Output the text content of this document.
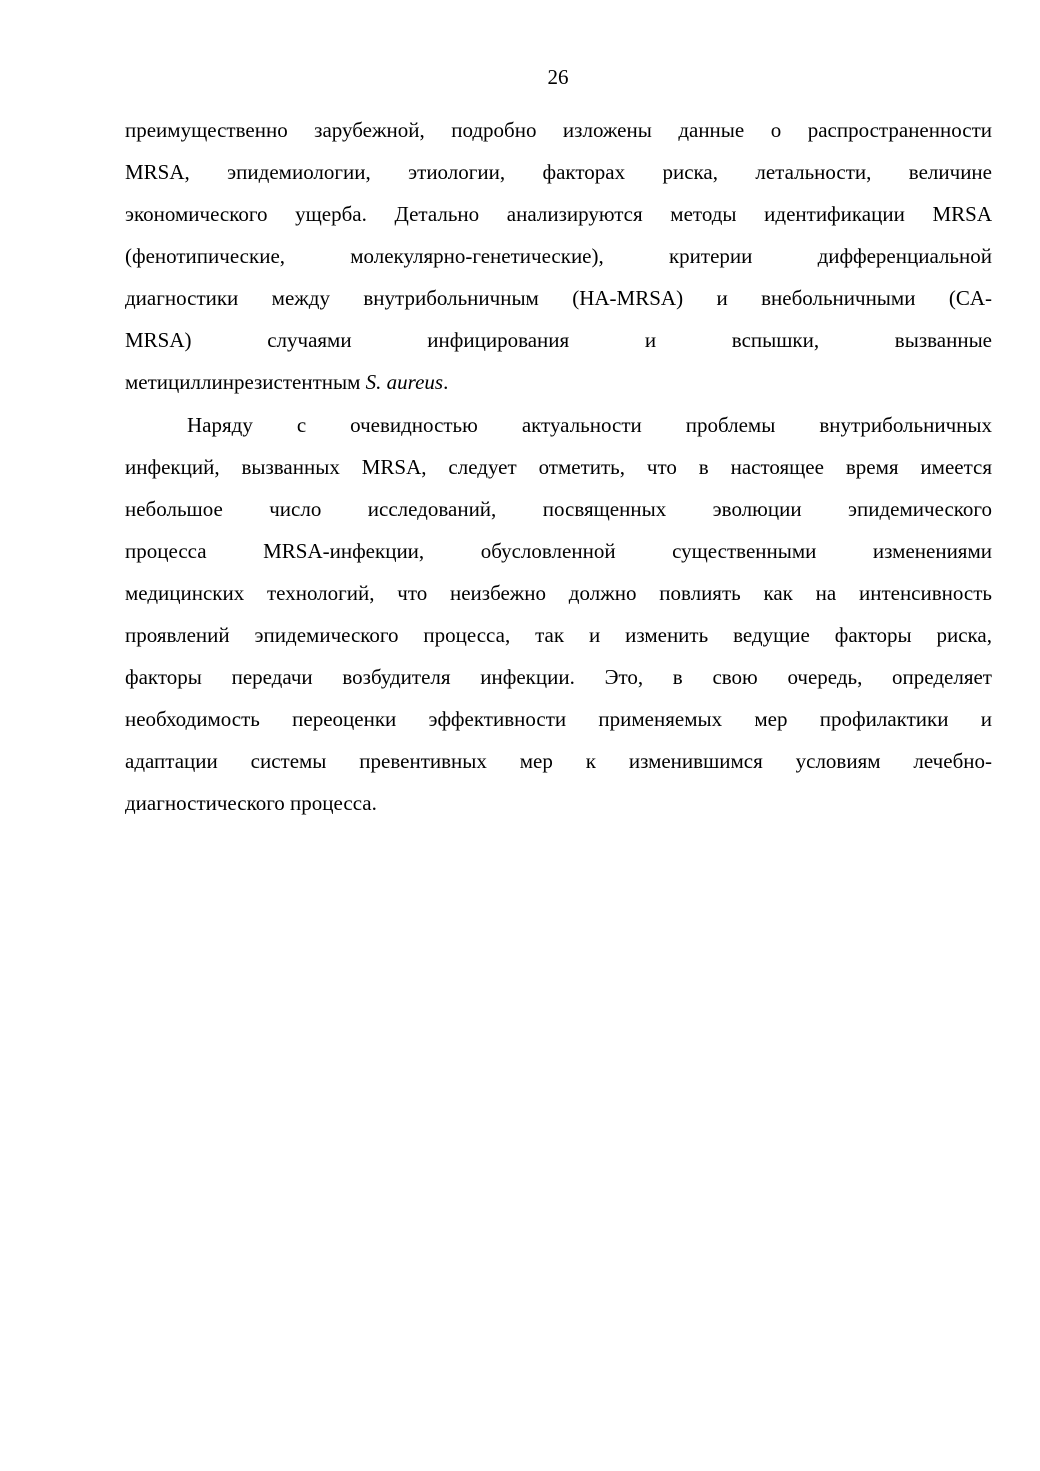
26
преимущественно зарубежной, подробно изложены данные о распространенности
MRSA, эпидемиологии, этиологии, факторах риска, летальности, величине
экономического ущерба. Детально анализируются методы идентификации MRSA
(фенотипические, молекулярно-генетические), критерии дифференциальной
диагностики между внутрибольничным (HA-MRSA) и внебольничными (CA-
MRSA) случаями инфицирования и вспышки, вызванные
метициллинрезистентным S. aureus.
Наряду с очевидностью актуальности проблемы внутрибольничных
инфекций, вызванных MRSA, следует отметить, что в настоящее время имеется
небольшое число исследований, посвященных эволюции эпидемического
процесса MRSA-инфекции, обусловленной существенными изменениями
медицинских технологий, что неизбежно должно повлиять как на интенсивность
проявлений эпидемического процесса, так и изменить ведущие факторы риска,
факторы передачи возбудителя инфекции. Это, в свою очередь, определяет
необходимость переоценки эффективности применяемых мер профилактики и
адаптации системы превентивных мер к изменившимся условиям лечебно-
диагностического процесса.
